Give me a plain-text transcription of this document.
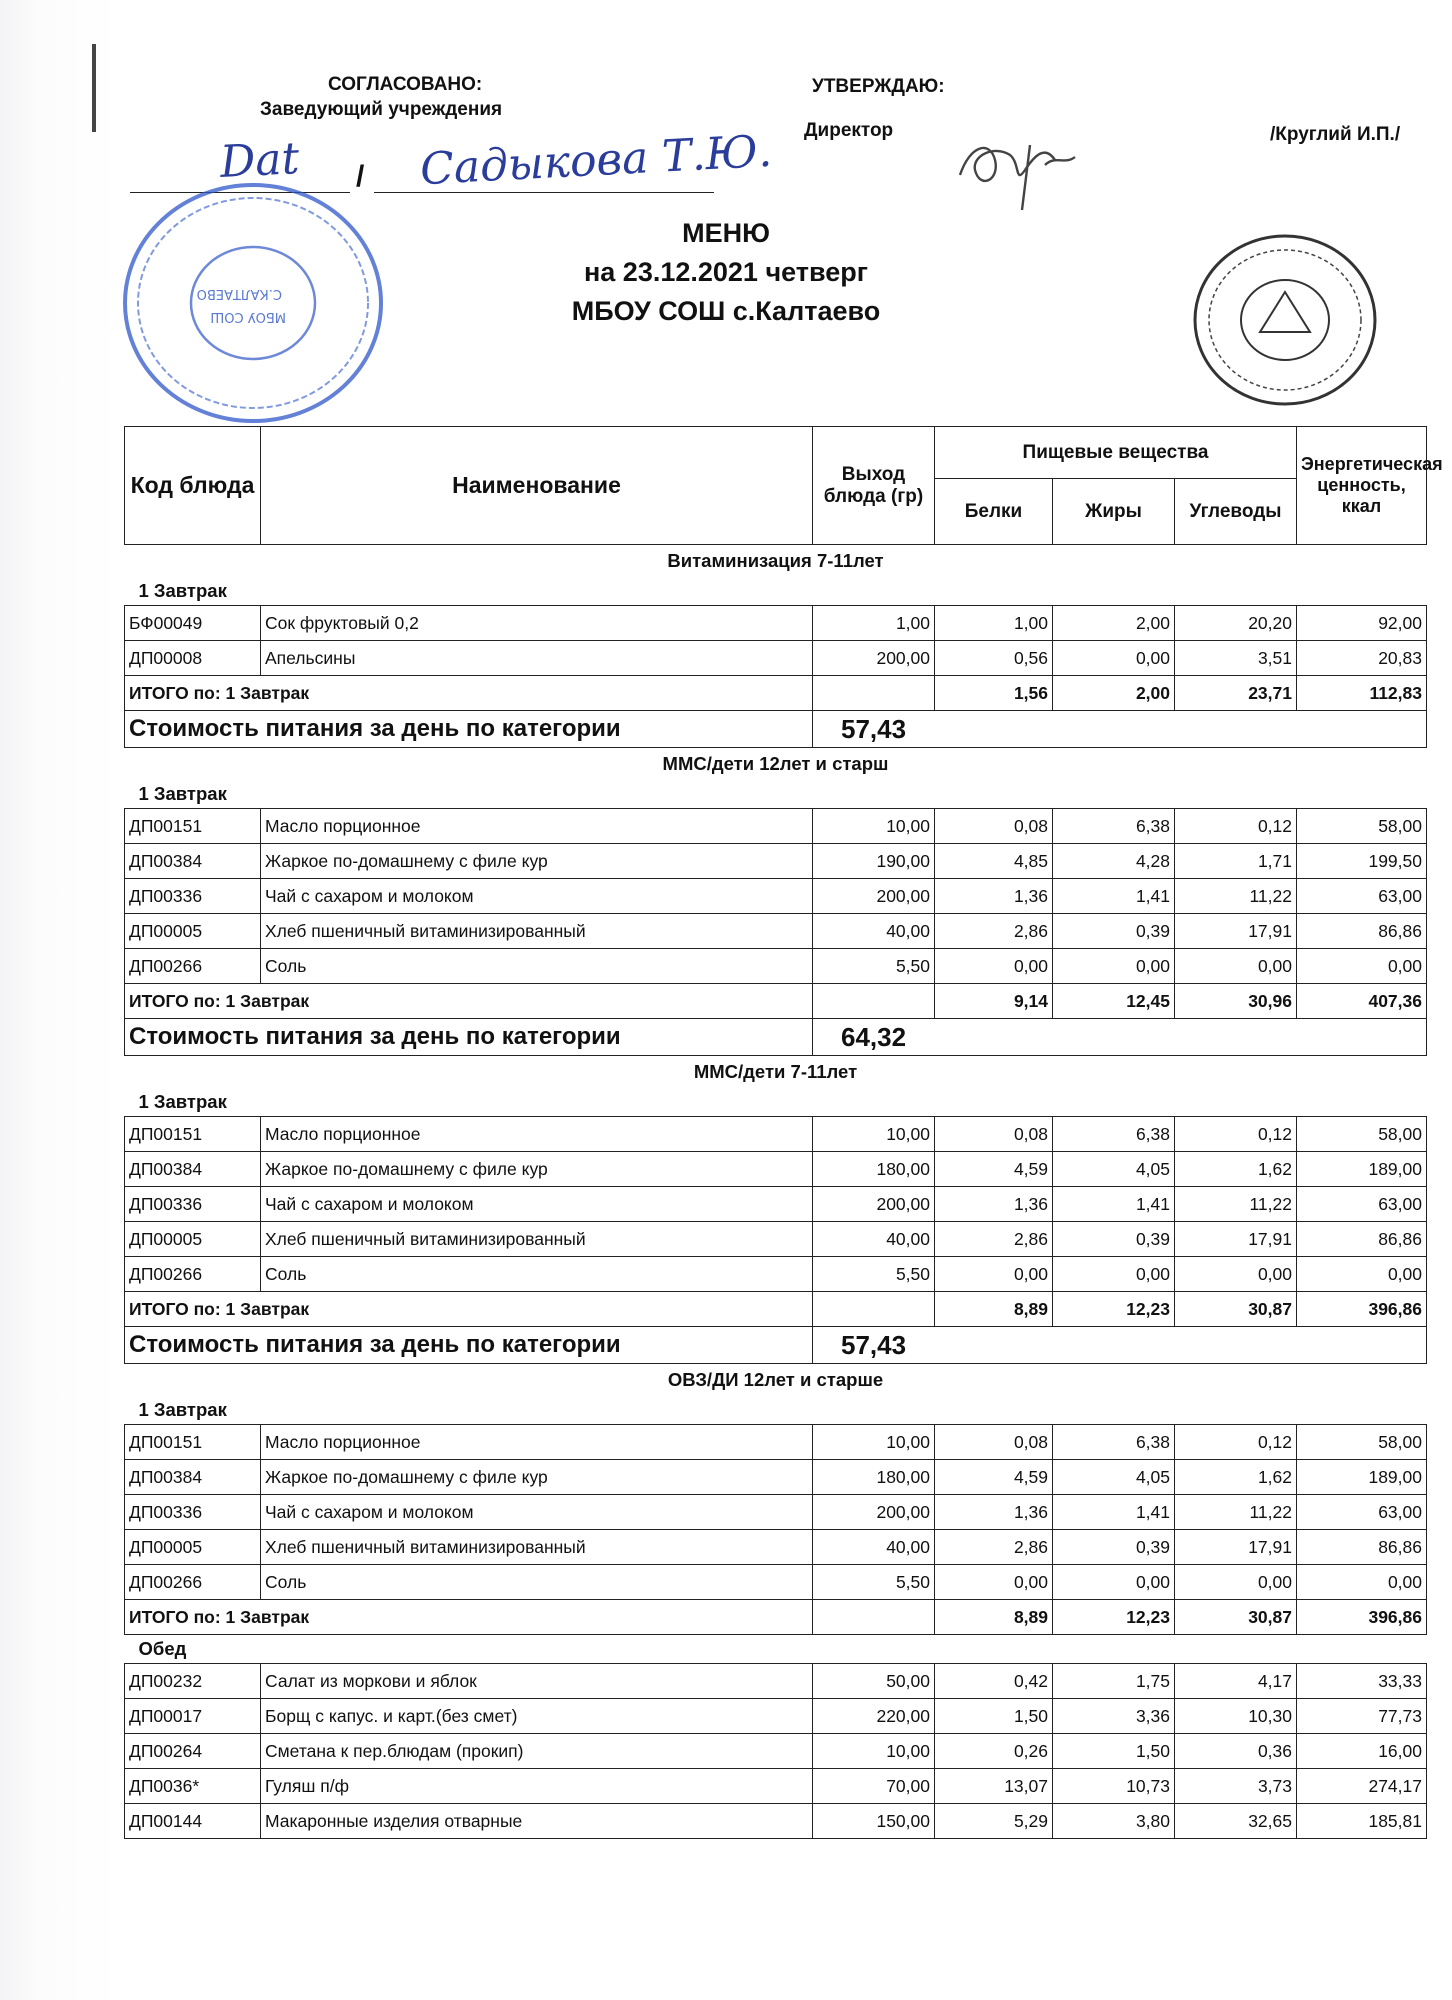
СОГЛАСОВАНО:
Заведующий учреждения
УТВЕРЖДАЮ:
Директор	/Круглий И.П./
/
Dat	Садыкова Т.Ю.
МБОУ СОШ
С.КАЛТАЕВО
МЕНЮ
на 23.12.2021 четверг
МБОУ СОШ с.Калтаево
Код блюда	Наименование	Выход блюда (гр)	Пищевые вещества			Энергетическая ценность, ккал
			Белки	Жиры	Углеводы	
Витаминизация 7-11лет						
1 Завтрак						
БФ00049	Сок фруктовый 0,2	1,00	1,00	2,00	20,20	92,00
ДП00008	Апельсины	200,00	0,56	0,00	3,51	20,83
ИТОГО по: 1 Завтрак			1,56	2,00	23,71	112,83
Стоимость питания за день по категории		57,43				
ММС/дети 12лет и старш						
1 Завтрак						
ДП00151	Масло порционное	10,00	0,08	6,38	0,12	58,00
ДП00384	Жаркое по-домашнему с филе кур	190,00	4,85	4,28	1,71	199,50
ДП00336	Чай с сахаром и молоком	200,00	1,36	1,41	11,22	63,00
ДП00005	Хлеб пшеничный витаминизированный	40,00	2,86	0,39	17,91	86,86
ДП00266	Соль	5,50	0,00	0,00	0,00	0,00
ИТОГО по: 1 Завтрак			9,14	12,45	30,96	407,36
Стоимость питания за день по категории		64,32				
ММС/дети 7-11лет						
1 Завтрак						
ДП00151	Масло порционное	10,00	0,08	6,38	0,12	58,00
ДП00384	Жаркое по-домашнему с филе кур	180,00	4,59	4,05	1,62	189,00
ДП00336	Чай с сахаром и молоком	200,00	1,36	1,41	11,22	63,00
ДП00005	Хлеб пшеничный витаминизированный	40,00	2,86	0,39	17,91	86,86
ДП00266	Соль	5,50	0,00	0,00	0,00	0,00
ИТОГО по: 1 Завтрак			8,89	12,23	30,87	396,86
Стоимость питания за день по категории		57,43				
ОВЗ/ДИ 12лет и старше						
1 Завтрак						
ДП00151	Масло порционное	10,00	0,08	6,38	0,12	58,00
ДП00384	Жаркое по-домашнему с филе кур	180,00	4,59	4,05	1,62	189,00
ДП00336	Чай с сахаром и молоком	200,00	1,36	1,41	11,22	63,00
ДП00005	Хлеб пшеничный витаминизированный	40,00	2,86	0,39	17,91	86,86
ДП00266	Соль	5,50	0,00	0,00	0,00	0,00
ИТОГО по: 1 Завтрак			8,89	12,23	30,87	396,86
Обед						
ДП00232	Салат из моркови и яблок	50,00	0,42	1,75	4,17	33,33
ДП00017	Борщ с капус. и карт.(без смет)	220,00	1,50	3,36	10,30	77,73
ДП00264	Сметана к пер.блюдам (прокип)	10,00	0,26	1,50	0,36	16,00
ДП0036*	Гуляш п/ф	70,00	13,07	10,73	3,73	274,17
ДП00144	Макаронные изделия отварные	150,00	5,29	3,80	32,65	185,81
